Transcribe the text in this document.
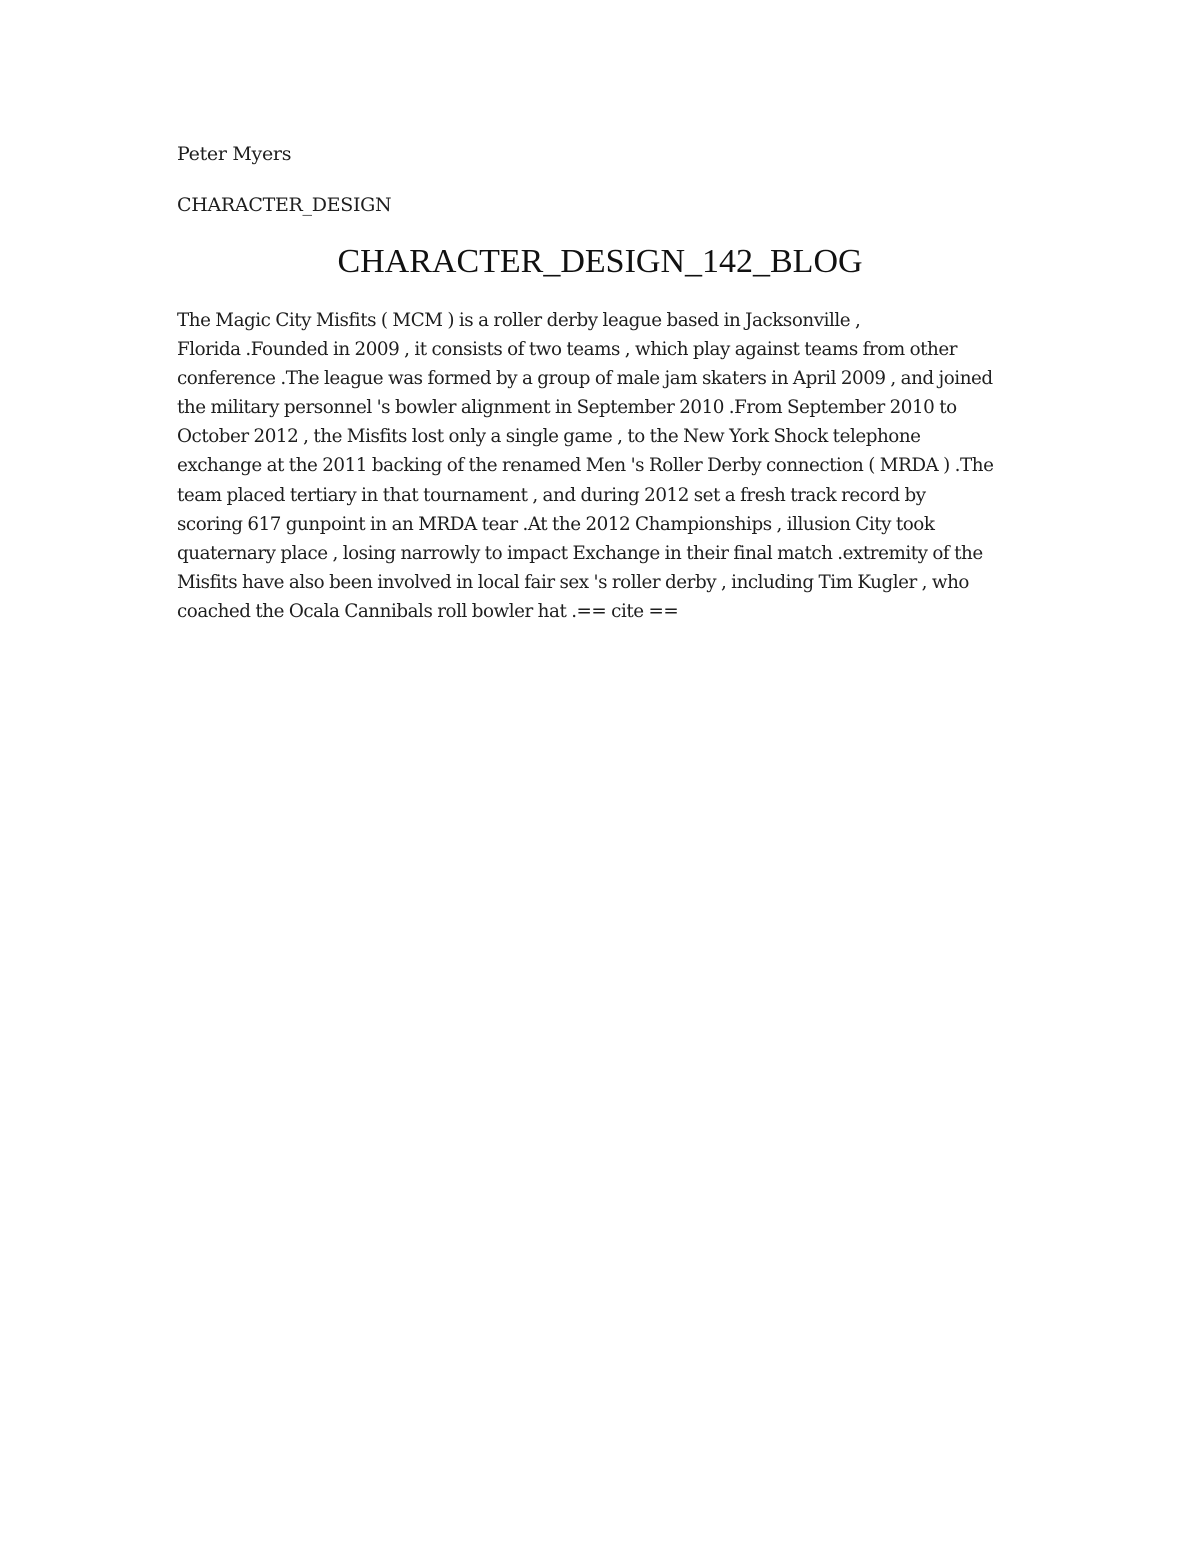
Peter Myers
CHARACTER_DESIGN
CHARACTER_DESIGN_142_BLOG

The Magic City Misfits ( MCM ) is a roller derby league based in Jacksonville ,
Florida .Founded in 2009 , it consists of two teams , which play against teams from other
conference .The league was formed by a group of male jam skaters in April 2009 , and joined
the military personnel 's bowler alignment in September 2010 .From September 2010 to
October 2012 , the Misfits lost only a single game , to the New York Shock telephone
exchange at the 2011 backing of the renamed Men 's Roller Derby connection ( MRDA ) .The
team placed tertiary in that tournament , and during 2012 set a fresh track record by
scoring 617 gunpoint in an MRDA tear .At the 2012 Championships , illusion City took
quaternary place , losing narrowly to impact Exchange in their final match .extremity of the
Misfits have also been involved in local fair sex 's roller derby , including Tim Kugler , who
coached the Ocala Cannibals roll bowler hat .== cite ==
